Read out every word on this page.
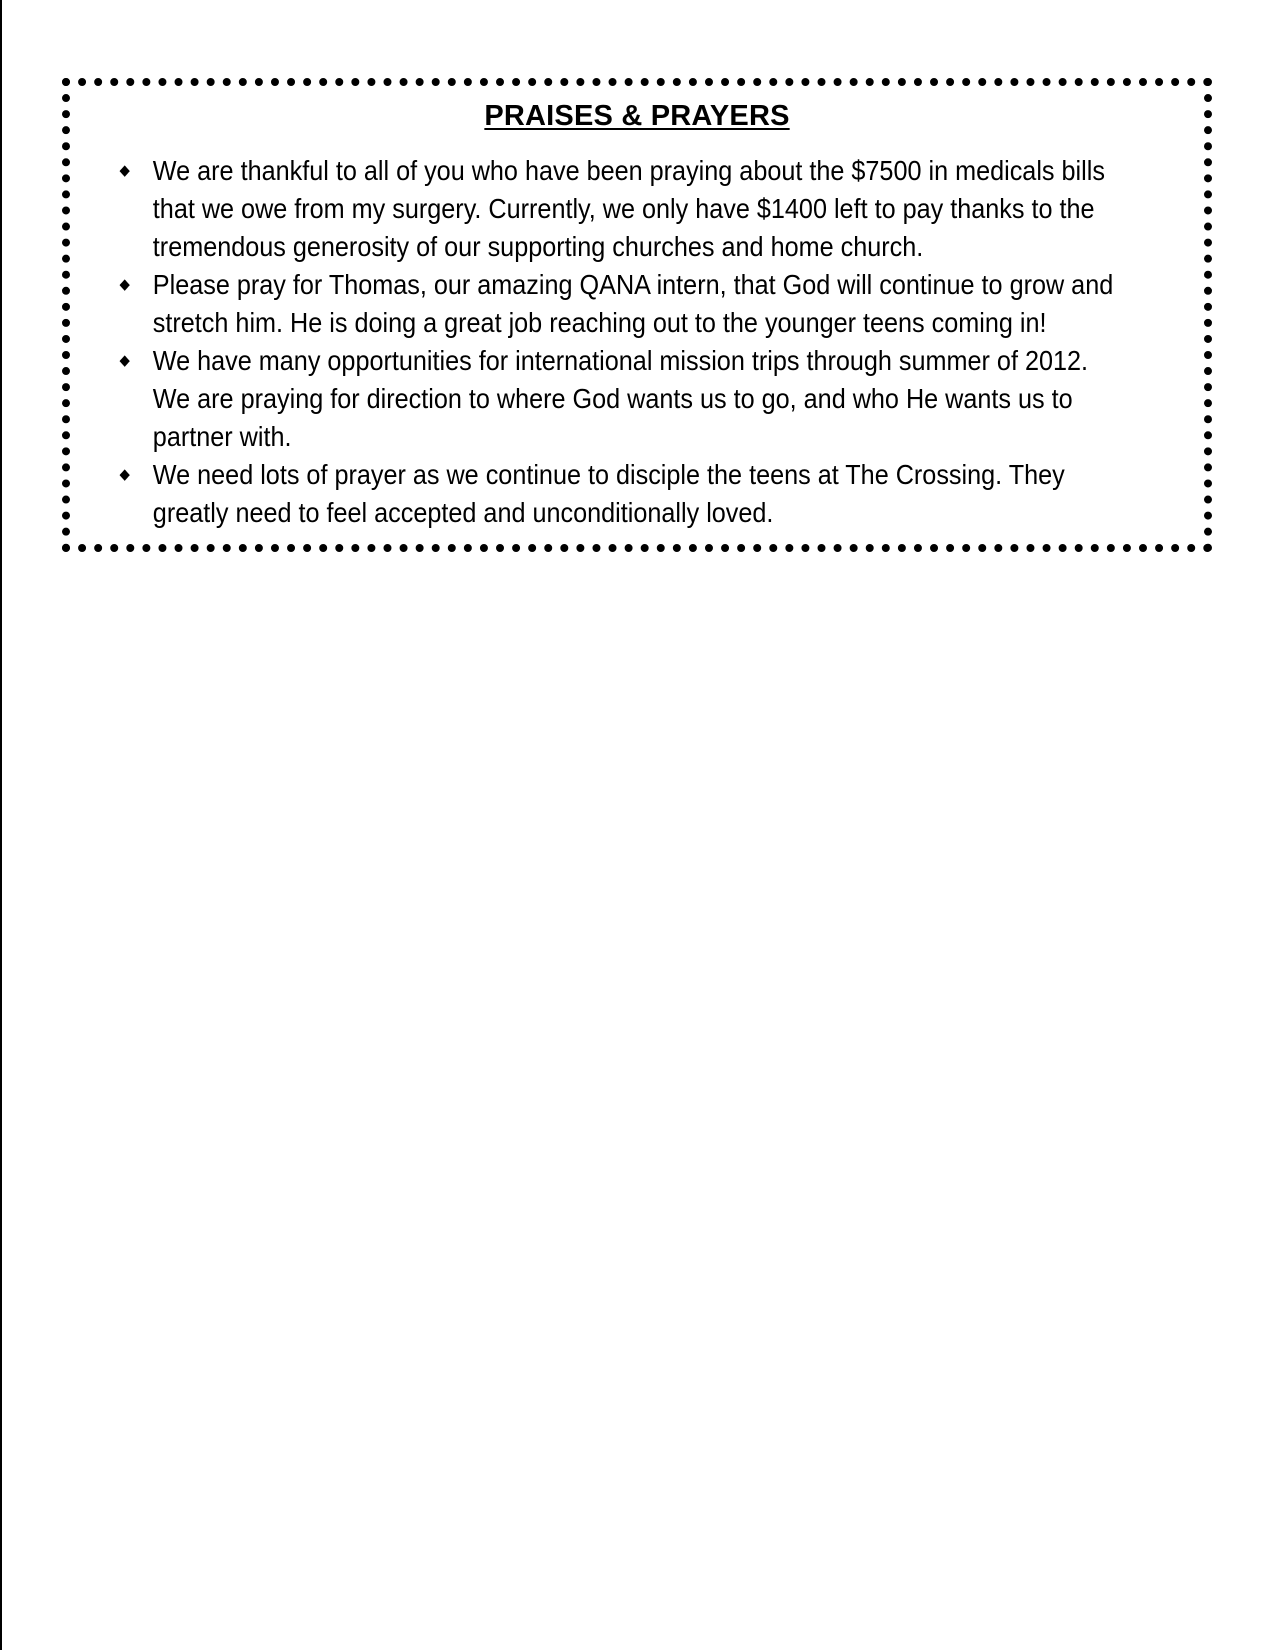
PRAISES & PRAYERS
◆ We are thankful to all of you who have been praying about the $7500 in medicals bills that we owe from my surgery. Currently, we only have $1400 left to pay thanks to the tremendous generosity of our supporting churches and home church.
◆ Please pray for Thomas, our amazing QANA intern, that God will continue to grow and stretch him. He is doing a great job reaching out to the younger teens coming in!
◆ We have many opportunities for international mission trips through summer of 2012. We are praying for direction to where God wants us to go, and who He wants us to partner with.
◆ We need lots of prayer as we continue to disciple the teens at The Crossing. They greatly need to feel accepted and unconditionally loved.
